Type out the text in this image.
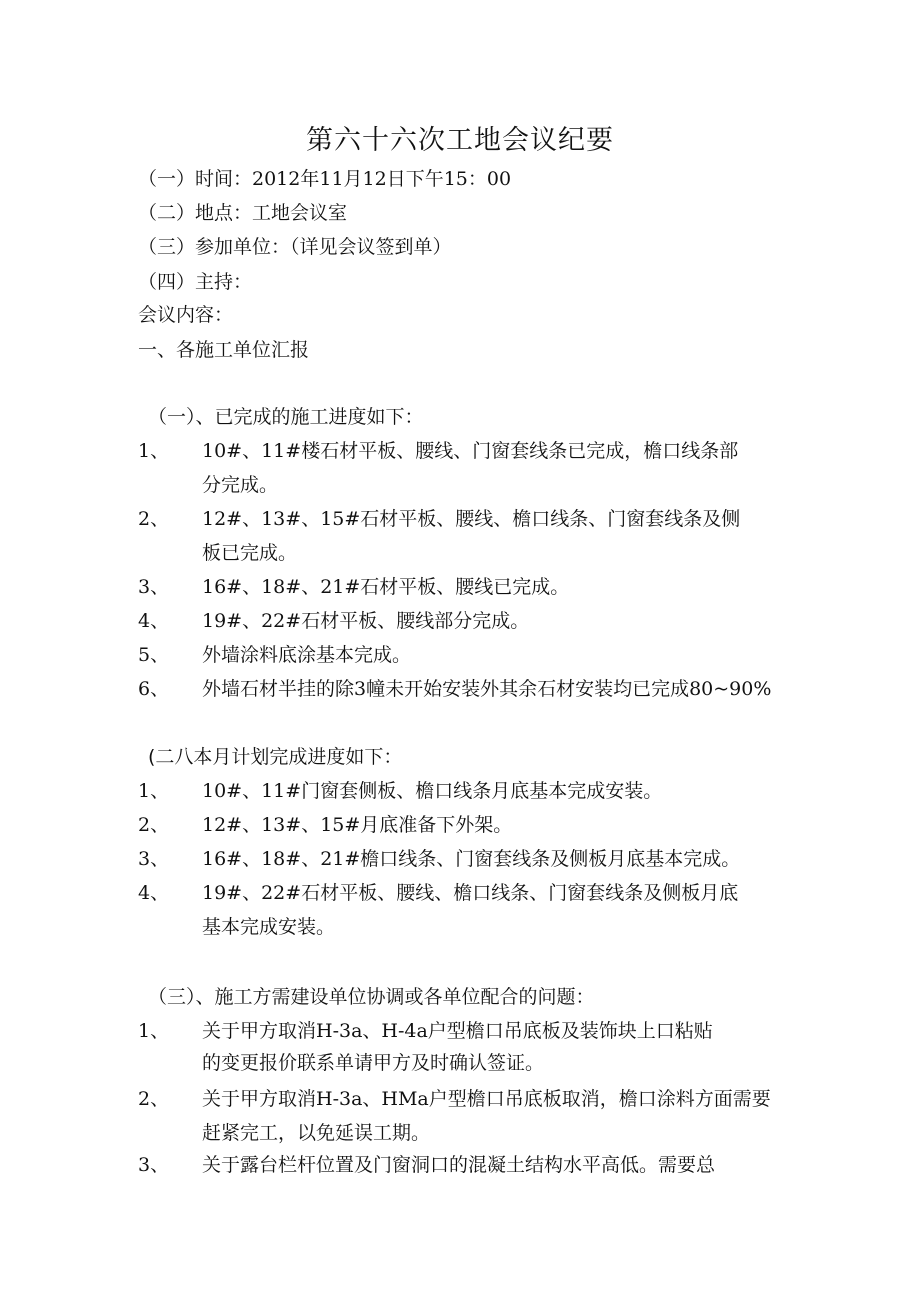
第六十六次工地会议纪要
（一）时间：2012年11月12日下午15：00
（二）地点：工地会议室
（三）参加单位：（详见会议签到单）
（四）主持：
会议内容：
一、各施工单位汇报
（一）、已完成的施工进度如下：
1、 10#、11#楼石材平板、腰线、门窗套线条已完成，檐口线条部
分完成。
2、 12#、13#、15#石材平板、腰线、檐口线条、门窗套线条及侧
板已完成。
3、 16#、18#、21#石材平板、腰线已完成。
4、 19#、22#石材平板、腰线部分完成。
5、 外墙涂料底涂基本完成。
6、 外墙石材半挂的除3幢未开始安装外其余石材安装均已完成80~90%
(二八本月计划完成进度如下：
1、 10#、11#门窗套侧板、檐口线条月底基本完成安装。
2、 12#、13#、15#月底准备下外架。
3、 16#、18#、21#檐口线条、门窗套线条及侧板月底基本完成。
4、 19#、22#石材平板、腰线、檐口线条、门窗套线条及侧板月底
基本完成安装。
（三）、施工方需建设单位协调或各单位配合的问题：
1、 关于甲方取消H-3a、H-4a户型檐口吊底板及装饰块上口粘贴
的变更报价联系单请甲方及时确认签证。
2、 关于甲方取消H-3a、HMa户型檐口吊底板取消，檐口涂料方面需要
赶紧完工，以免延误工期。
3、 关于露台栏杆位置及门窗洞口的混凝土结构水平高低。需要总
